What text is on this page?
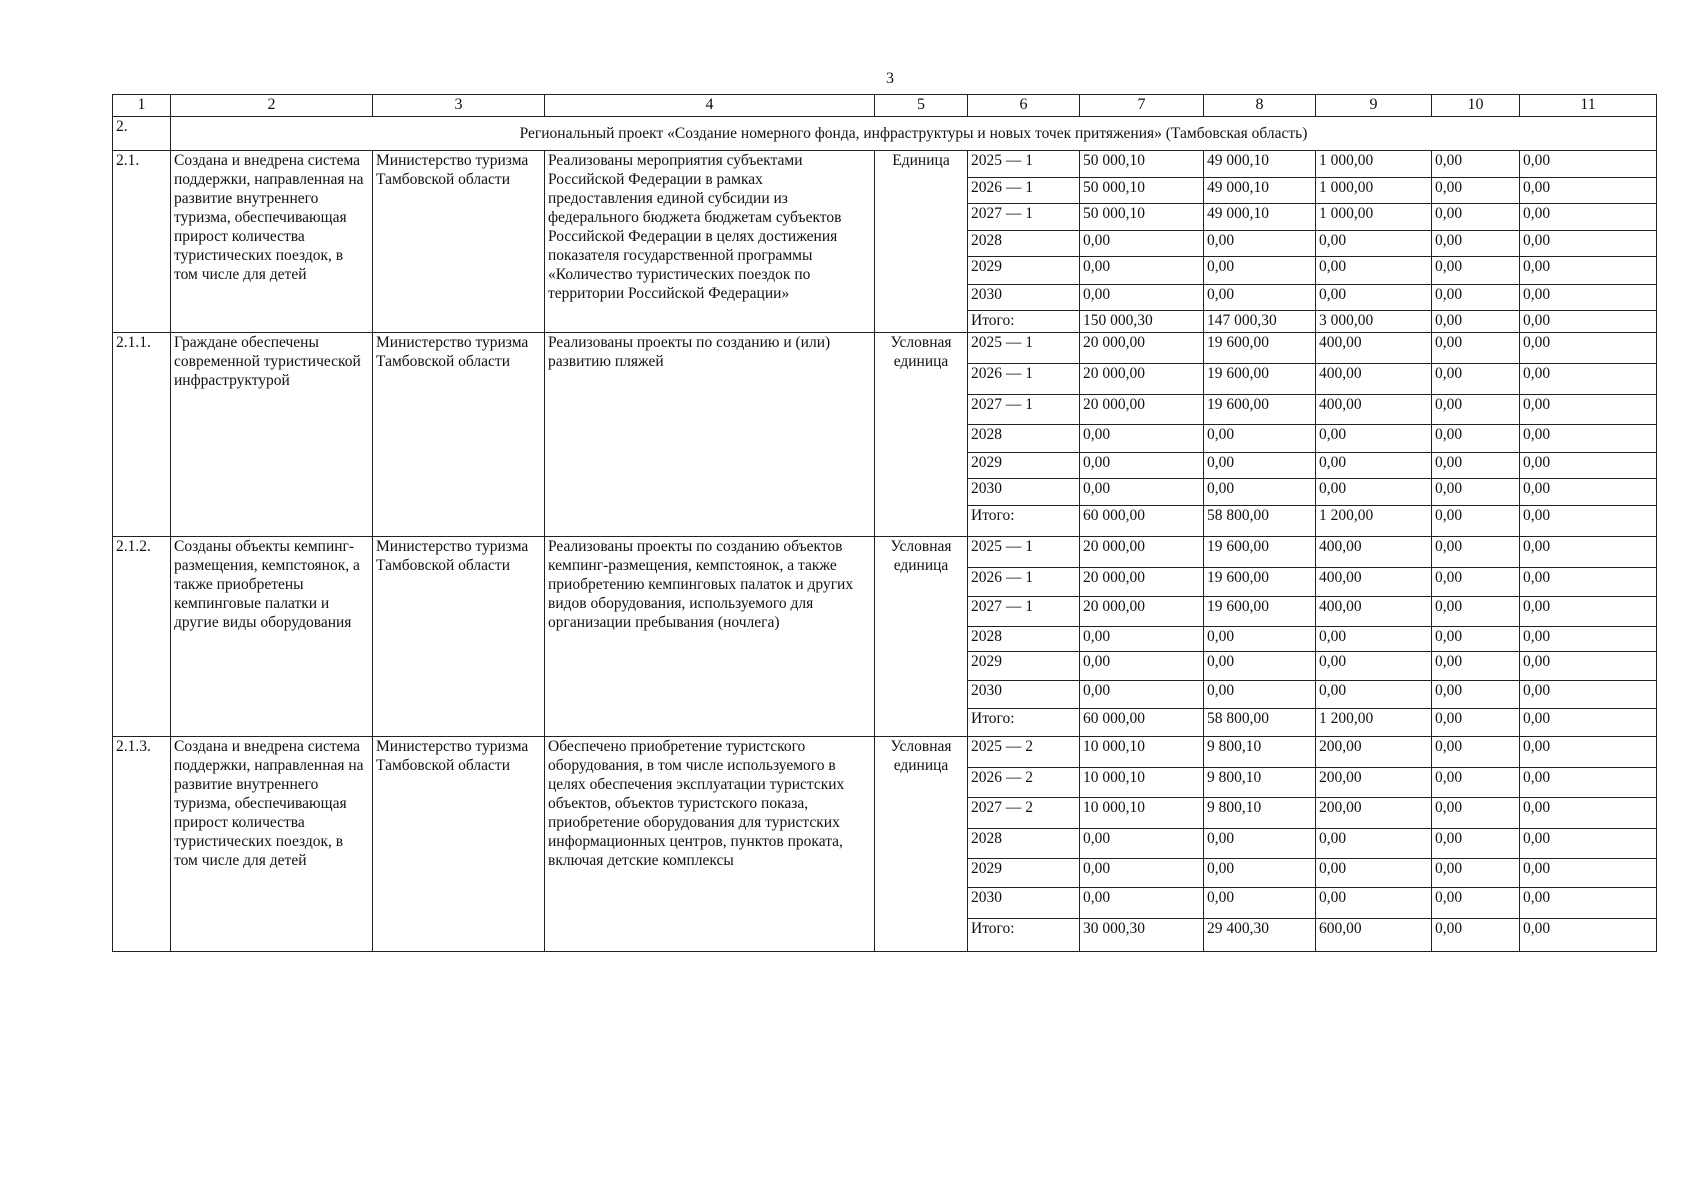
3
1	2	3	4	5	6	7	8	9	10	11
2.	Региональный проект «Создание номерного фонда, инфраструктуры и новых точек притяжения» (Тамбовская область)									
2.1.	Создана и внедрена система поддержки, направленная на развитие внутреннего туризма, обеспечивающая прирост количества туристических поездок, в том числе для детей	Министерство туризма Тамбовской области	Реализованы мероприятия субъектами Российской Федерации в рамках предоставления единой субсидии из федерального бюджета бюджетам субъектов Российской Федерации в целях достижения показателя государственной программы «Количество туристических поездок по территории Российской Федерации»	Единица	2025 — 1	50 000,10	49 000,10	1 000,00	0,00	0,00
					2026 — 1	50 000,10	49 000,10	1 000,00	0,00	0,00
					2027 — 1	50 000,10	49 000,10	1 000,00	0,00	0,00
					2028	0,00	0,00	0,00	0,00	0,00
					2029	0,00	0,00	0,00	0,00	0,00
					2030	0,00	0,00	0,00	0,00	0,00
					Итого:	150 000,30	147 000,30	3 000,00	0,00	0,00
2.1.1.	Граждане обеспечены современной туристической инфраструктурой	Министерство туризма Тамбовской области	Реализованы проекты по созданию и (или) развитию пляжей	Условная единица	2025 — 1	20 000,00	19 600,00	400,00	0,00	0,00
					2026 — 1	20 000,00	19 600,00	400,00	0,00	0,00
					2027 — 1	20 000,00	19 600,00	400,00	0,00	0,00
					2028	0,00	0,00	0,00	0,00	0,00
					2029	0,00	0,00	0,00	0,00	0,00
					2030	0,00	0,00	0,00	0,00	0,00
					Итого:	60 000,00	58 800,00	1 200,00	0,00	0,00
2.1.2.	Созданы объекты кемпинг-размещения, кемпстоянок, а также приобретены кемпинговые палатки и другие виды оборудования	Министерство туризма Тамбовской области	Реализованы проекты по созданию объектов кемпинг-размещения, кемпстоянок, а также приобретению кемпинговых палаток и других видов оборудования, используемого для организации пребывания (ночлега)	Условная единица	2025 — 1	20 000,00	19 600,00	400,00	0,00	0,00
					2026 — 1	20 000,00	19 600,00	400,00	0,00	0,00
					2027 — 1	20 000,00	19 600,00	400,00	0,00	0,00
					2028	0,00	0,00	0,00	0,00	0,00
					2029	0,00	0,00	0,00	0,00	0,00
					2030	0,00	0,00	0,00	0,00	0,00
					Итого:	60 000,00	58 800,00	1 200,00	0,00	0,00
2.1.3.	Создана и внедрена система поддержки, направленная на развитие внутреннего туризма, обеспечивающая прирост количества туристических поездок, в том числе для детей	Министерство туризма Тамбовской области	Обеспечено приобретение туристского оборудования, в том числе используемого в целях обеспечения эксплуатации туристских объектов, объектов туристского показа, приобретение оборудования для туристских информационных центров, пунктов проката, включая детские комплексы	Условная единица	2025 — 2	10 000,10	9 800,10	200,00	0,00	0,00
					2026 — 2	10 000,10	9 800,10	200,00	0,00	0,00
					2027 — 2	10 000,10	9 800,10	200,00	0,00	0,00
					2028	0,00	0,00	0,00	0,00	0,00
					2029	0,00	0,00	0,00	0,00	0,00
					2030	0,00	0,00	0,00	0,00	0,00
					Итого:	30 000,30	29 400,30	600,00	0,00	0,00
